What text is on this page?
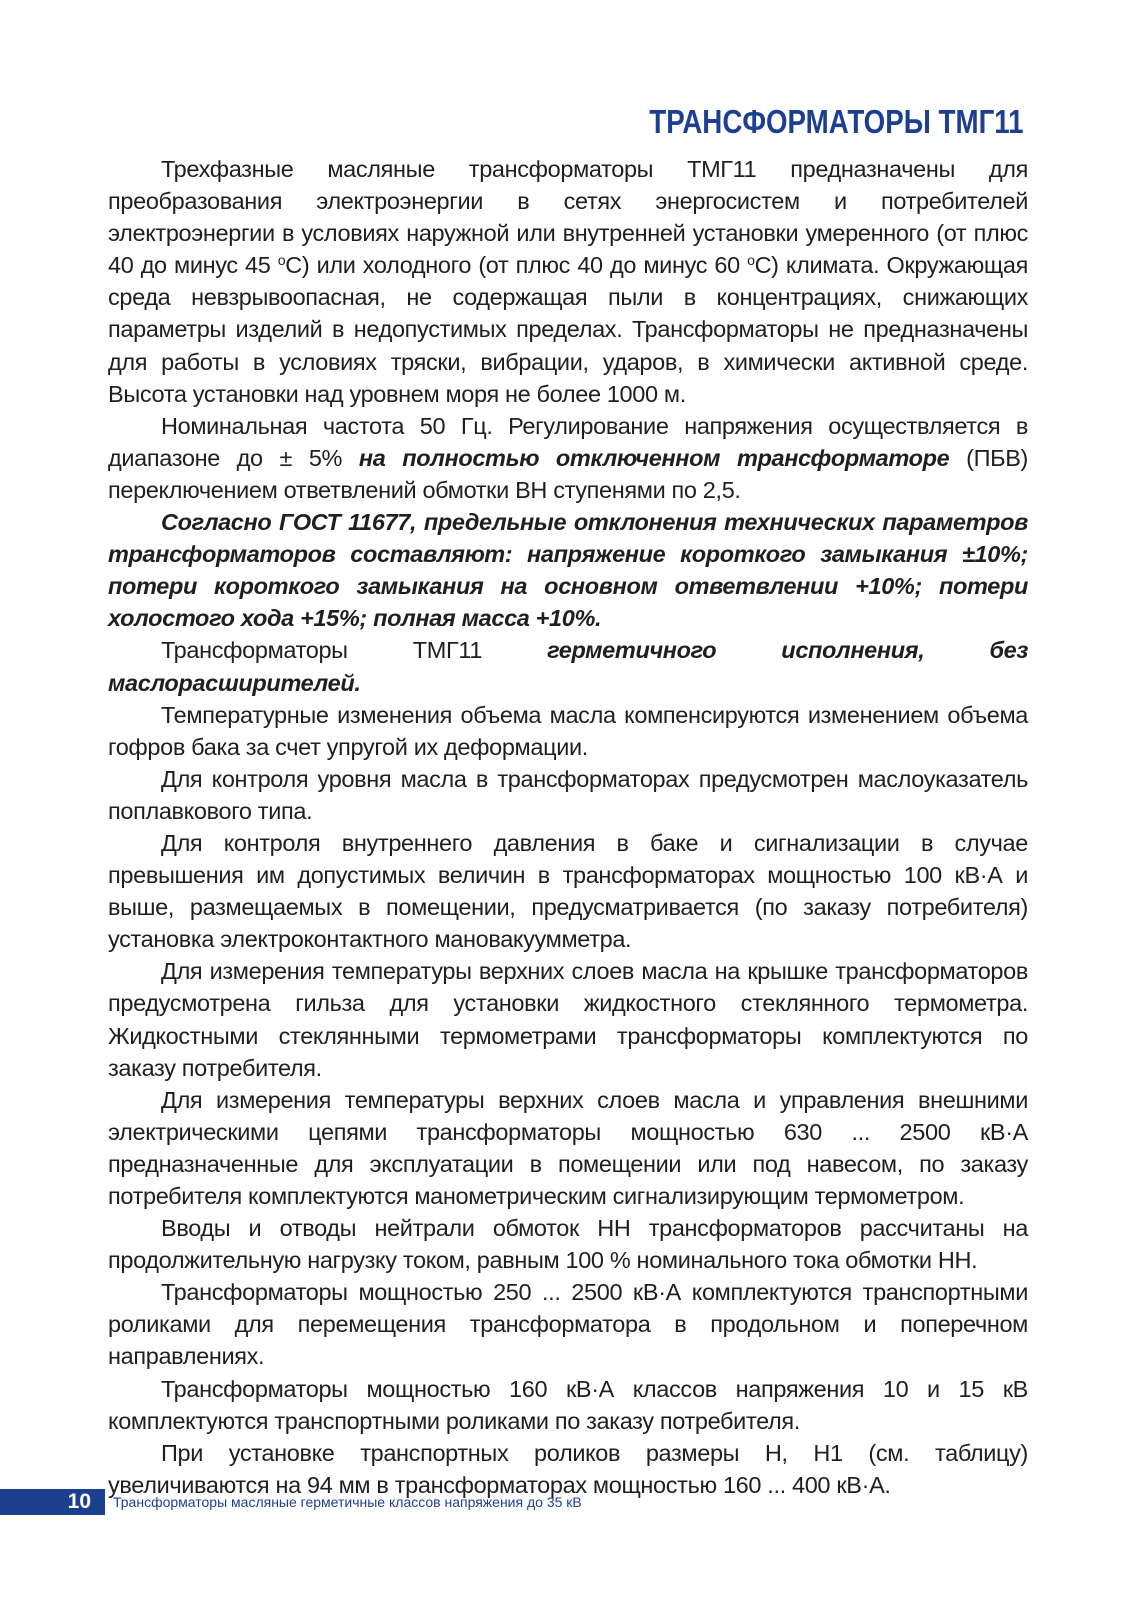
ТРАНСФОРМАТОРЫ ТМГ11

Трехфазные масляные трансформаторы ТМГ11 предназначены для преобразования электроэнергии в сетях энергосистем и потребителей электроэнергии в условиях наружной или внутренней установки умеренного (от плюс 40 до минус 45 $^о$С) или холодного (от плюс 40 до минус 60 $^о$С) климата. Окружающая среда невзрывоопасная, не содержащая пыли в концентрациях, снижающих параметры изделий в недопустимых пределах. Трансформаторы не предназначены для работы в условиях тряски, вибрации, ударов, в химически активной среде. Высота установки над уровнем моря не более 1000 м.

Номинальная частота 50 Гц. Регулирование напряжения осуществляется в диапазоне до ± 5% на полностью отключенном трансформаторе (ПБВ) переключением ответвлений обмотки ВН ступенями по 2,5.

Согласно ГОСТ 11677, предельные отклонения технических параметров трансформаторов составляют: напряжение короткого замыкания ±10%; потери короткого замыкания на основном ответвлении +10%; потери холостого хода +15%; полная масса +10%.

Трансформаторы ТМГ11 герметичного исполнения, без маслорасширителей.

Температурные изменения объема масла компенсируются изменением объема гофров бака за счет упругой их деформации.

Для контроля уровня масла в трансформаторах предусмотрен маслоуказатель поплавкового типа.

Для контроля внутреннего давления в баке и сигнализации в случае превышения им допустимых величин в трансформаторах мощностью 100 кВ·А и выше, размещаемых в помещении, предусматривается (по заказу потребителя) установка электроконтактного мановакуумметра.

Для измерения температуры верхних слоев масла на крышке трансформаторов предусмотрена гильза для установки жидкостного стеклянного термометра. Жидкостными стеклянными термометрами трансформаторы комплектуются по заказу потребителя.

Для измерения температуры верхних слоев масла и управления внешними электрическими цепями трансформаторы мощностью 630 ... 2500 кВ·А предназначенные для эксплуатации в помещении или под навесом, по заказу потребителя комплектуются манометрическим сигнализирующим термометром.

Вводы и отводы нейтрали обмоток НН трансформаторов рассчитаны на продолжительную нагрузку током, равным 100 % номинального тока обмотки НН.

Трансформаторы мощностью 250 ... 2500 кВ·А комплектуются транспортными роликами для перемещения трансформатора в продольном и поперечном направлениях.

Трансформаторы мощностью 160 кВ·А классов напряжения 10 и 15 кВ комплектуются транспортными роликами по заказу потребителя.

При установке транспортных роликов размеры Н, Н1 (см. таблицу) увеличиваются на 94 мм в трансформаторах мощностью 160 ... 400 кВ·А.

10 Трансформаторы масляные герметичные классов напряжения до 35 кВ
